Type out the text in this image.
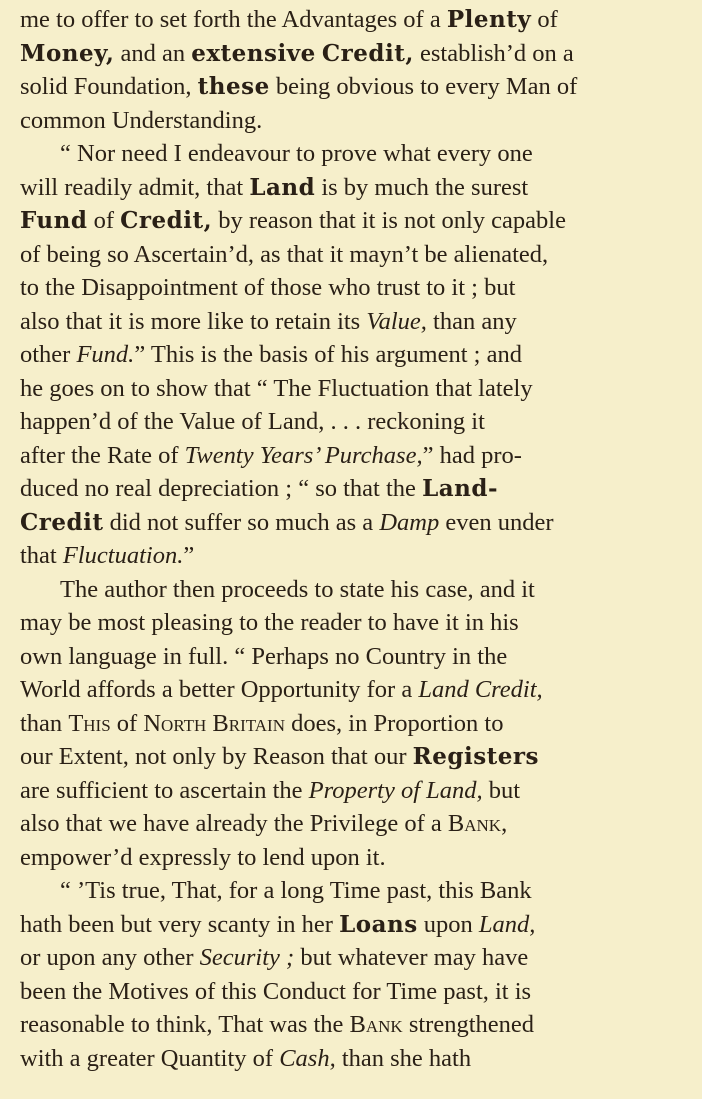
me to offer to set forth the Advantages of a Plenty of
Money, and an extensive Credit, establish’d on a
solid Foundation, these being obvious to every Man of
common Understanding.
“ Nor need I endeavour to prove what every one
will readily admit, that Land is by much the surest
Fund of Credit, by reason that it is not only capable
of being so Ascertain’d, as that it mayn’t be alienated,
to the Disappointment of those who trust to it ; but
also that it is more like to retain its Value, than any
other Fund.” This is the basis of his argument ; and
he goes on to show that “ The Fluctuation that lately
happen’d of the Value of Land, . . . reckoning it
after the Rate of Twenty Years’ Purchase,” had pro-
duced no real depreciation ; “ so that the Land-
Credit did not suffer so much as a Damp even under
that Fluctuation.”
The author then proceeds to state his case, and it
may be most pleasing to the reader to have it in his
own language in full. “ Perhaps no Country in the
World affords a better Opportunity for a Land Credit,
than This of North Britain does, in Proportion to
our Extent, not only by Reason that our Registers
are sufficient to ascertain the Property of Land, but
also that we have already the Privilege of a Bank,
empower’d expressly to lend upon it.
“ ’Tis true, That, for a long Time past, this Bank
hath been but very scanty in her Loans upon Land,
or upon any other Security ; but whatever may have
been the Motives of this Conduct for Time past, it is
reasonable to think, That was the Bank strengthened
with a greater Quantity of Cash, than she hath
